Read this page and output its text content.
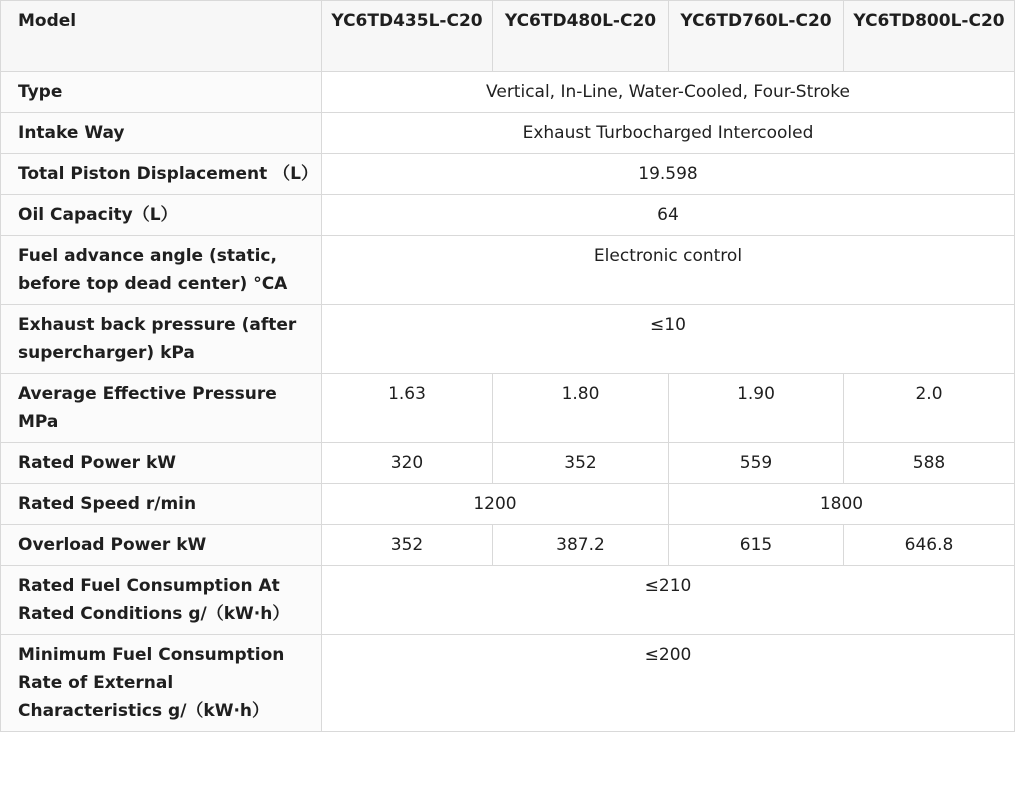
Model	YC6TD435L-C20	YC6TD480L-C20	YC6TD760L-C20	YC6TD800L-C20
Type	Vertical, In-Line, Water-Cooled, Four-Stroke			
Intake Way	Exhaust Turbocharged Intercooled			
Total Piston Displacement （L）	19.598			
Oil Capacity（L）	64			
Fuel advance angle (static, before top dead center) °CA	Electronic control			
Exhaust back pressure (after supercharger) kPa	≤10			
Average Effective Pressure MPa	1.63	1.80	1.90	2.0
Rated Power kW	320	352	559	588
Rated Speed r/min	1200		1800	
Overload Power kW	352	387.2	615	646.8
Rated Fuel Consumption At Rated Conditions g/（kW·h）	≤210			
Minimum Fuel Consumption Rate of External Characteristics g/（kW·h）	≤200			
